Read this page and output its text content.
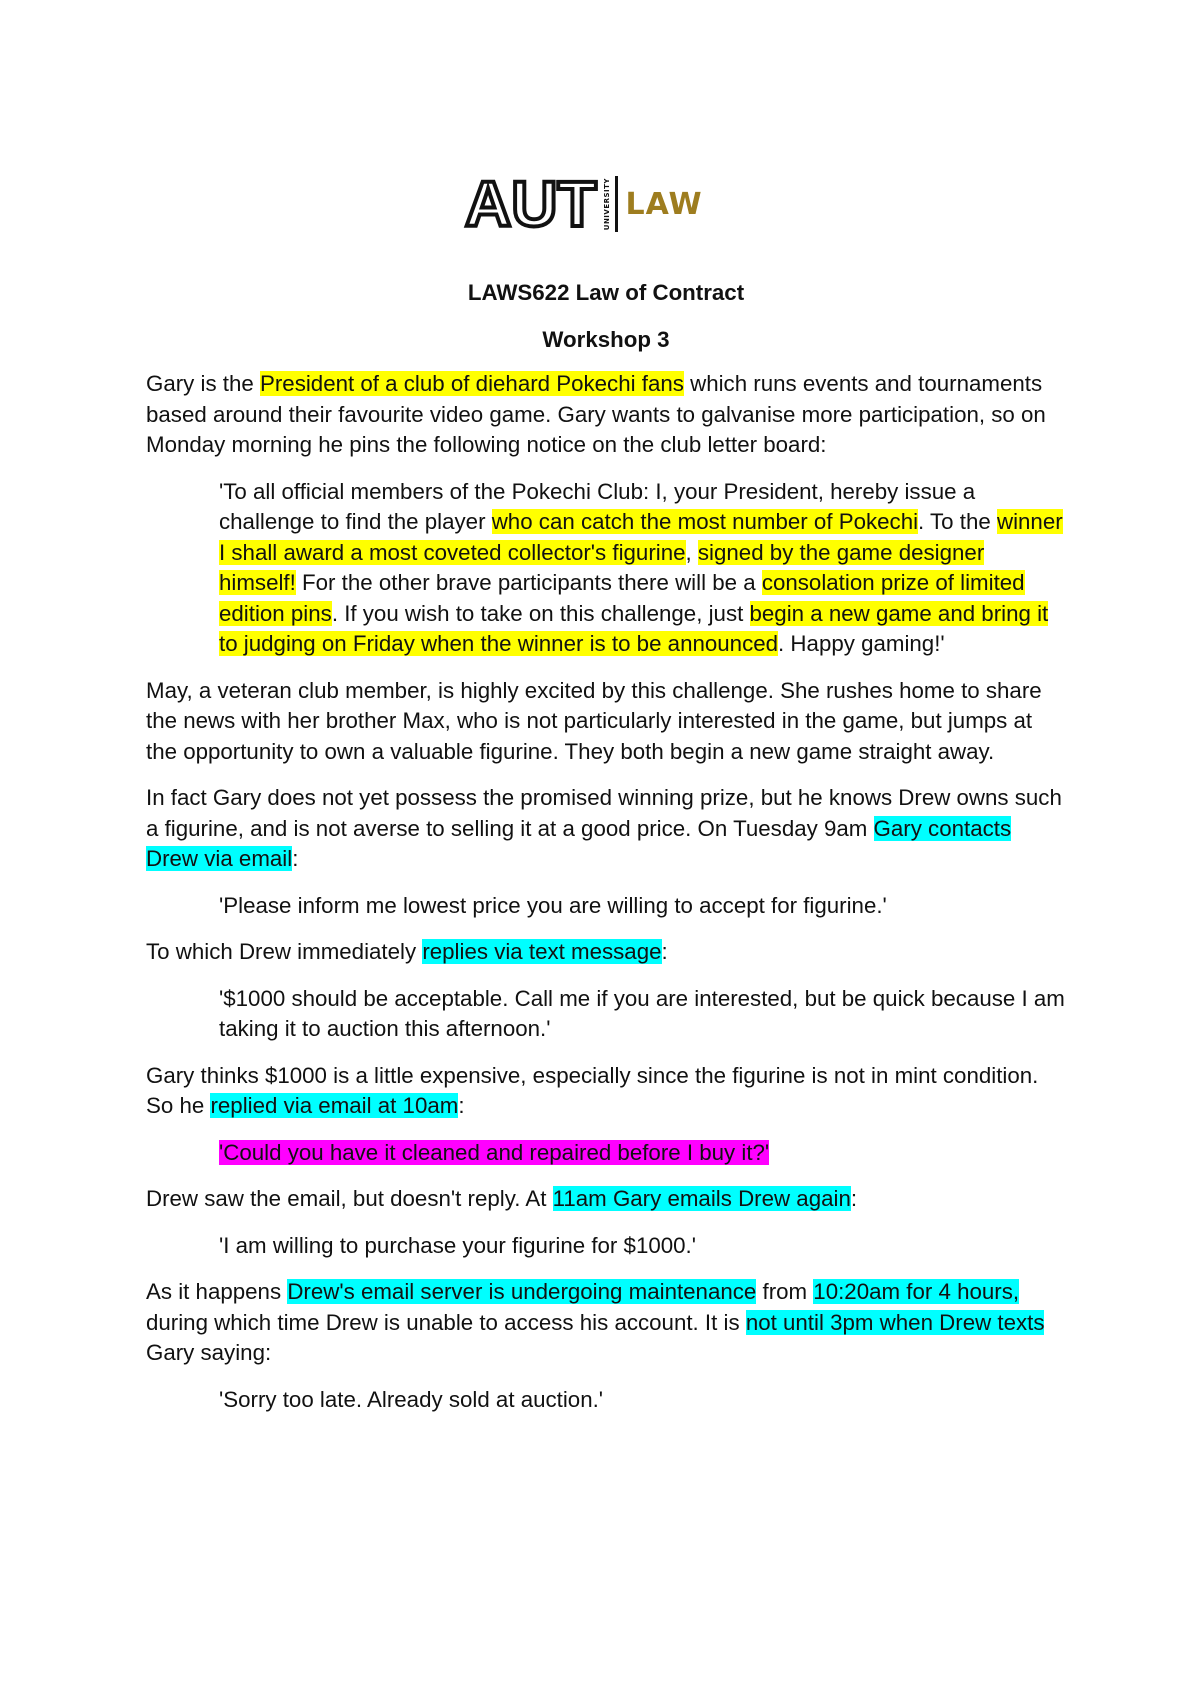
AUT UNIVERSITY LAW

LAWS622 Law of Contract

Workshop 3

Gary is the President of a club of diehard Pokechi fans which runs events and tournaments based around their favourite video game. Gary wants to galvanise more participation, so on Monday morning he pins the following notice on the club letter board:

'To all official members of the Pokechi Club: I, your President, hereby issue a challenge to find the player who can catch the most number of Pokechi. To the winner I shall award a most coveted collector's figurine, signed by the game designer himself! For the other brave participants there will be a consolation prize of limited edition pins. If you wish to take on this challenge, just begin a new game and bring it to judging on Friday when the winner is to be announced. Happy gaming!'

May, a veteran club member, is highly excited by this challenge. She rushes home to share the news with her brother Max, who is not particularly interested in the game, but jumps at the opportunity to own a valuable figurine. They both begin a new game straight away.

In fact Gary does not yet possess the promised winning prize, but he knows Drew owns such a figurine, and is not averse to selling it at a good price. On Tuesday 9am Gary contacts Drew via email:

'Please inform me lowest price you are willing to accept for figurine.'

To which Drew immediately replies via text message:

'$1000 should be acceptable. Call me if you are interested, but be quick because I am taking it to auction this afternoon.'

Gary thinks $1000 is a little expensive, especially since the figurine is not in mint condition. So he replied via email at 10am:

'Could you have it cleaned and repaired before I buy it?'

Drew saw the email, but doesn't reply. At 11am Gary emails Drew again:

'I am willing to purchase your figurine for $1000.'

As it happens Drew's email server is undergoing maintenance from 10:20am for 4 hours, during which time Drew is unable to access his account. It is not until 3pm when Drew texts Gary saying:

'Sorry too late. Already sold at auction.'
